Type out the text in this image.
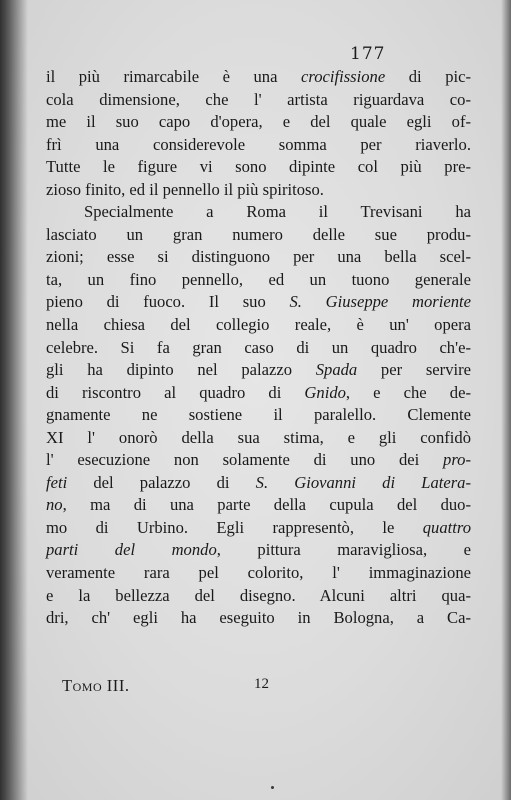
177
il più rimarcabile è una crocifissione di pic-
cola dimensione, che l' artista riguardava co-
me il suo capo d'opera, e del quale egli of-
frì una considerevole somma per riaverlo.
Tutte le figure vi sono dipinte col più pre-
zioso finito, ed il pennello il più spiritoso.
Specialmente a Roma il Trevisani ha
lasciato un gran numero delle sue produ-
zioni; esse si distinguono per una bella scel-
ta, un fino pennello, ed un tuono generale
pieno di fuoco. Il suo S. Giuseppe moriente
nella chiesa del collegio reale, è un' opera
celebre. Si fa gran caso di un quadro ch'e-
gli ha dipinto nel palazzo Spada per servire
di riscontro al quadro di Gnido, e che de-
gnamente ne sostiene il paralello. Clemente
XI l' onorò della sua stima, e gli confidò
l' esecuzione non solamente di uno dei pro-
feti del palazzo di S. Giovanni di Latera-
no, ma di una parte della cupula del duo-
mo di Urbino. Egli rappresentò, le quattro
parti del mondo, pittura maravigliosa, e
veramente rara pel colorito, l' immaginazione
e la bellezza del disegno. Alcuni altri qua-
dri, ch' egli ha eseguito in Bologna, a Ca-
Tomo III.	12
